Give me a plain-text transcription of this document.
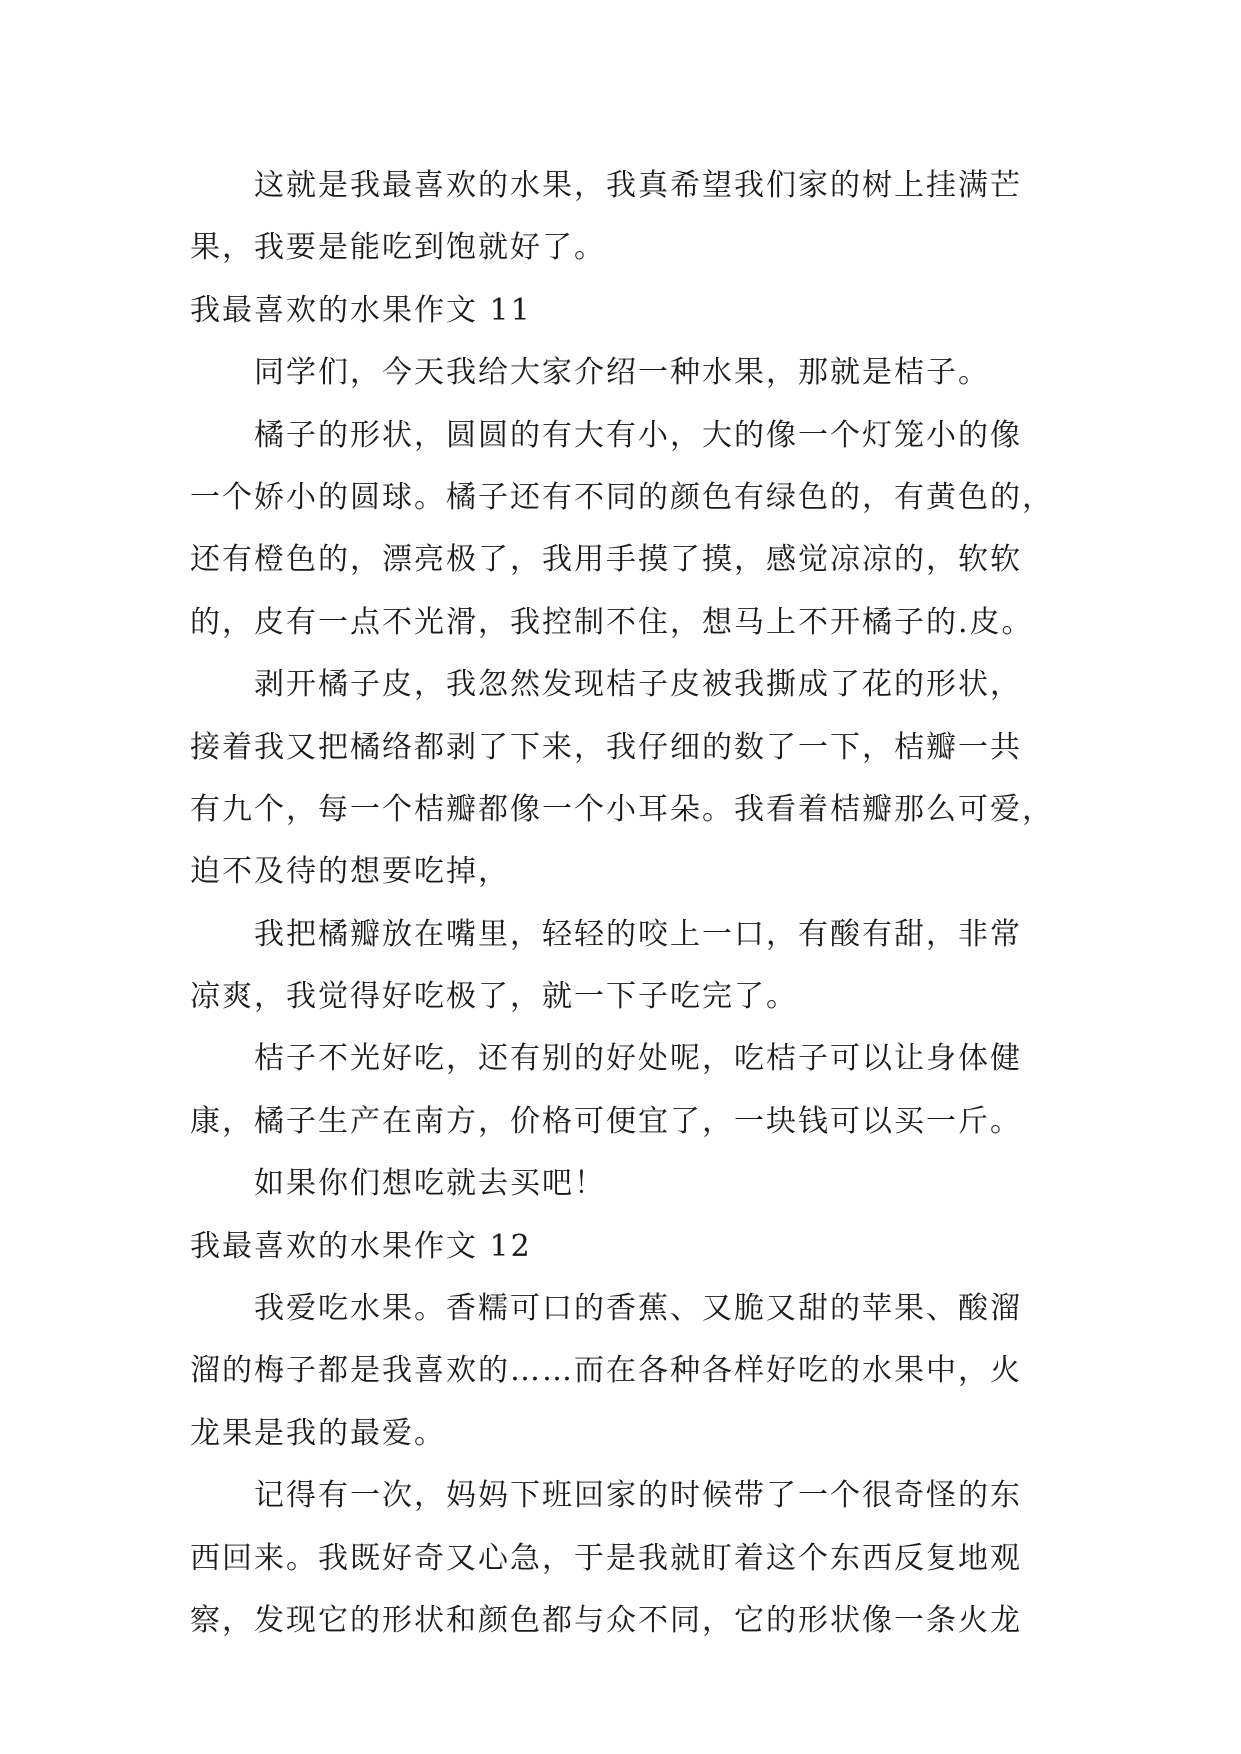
这就是我最喜欢的水果，我真希望我们家的树上挂满芒
果，我要是能吃到饱就好了。
我最喜欢的水果作文 11
同学们，今天我给大家介绍一种水果，那就是桔子。
橘子的形状，圆圆的有大有小，大的像一个灯笼小的像
一个娇小的圆球。橘子还有不同的颜色有绿色的，有黄色的，
还有橙色的，漂亮极了，我用手摸了摸，感觉凉凉的，软软
的，皮有一点不光滑，我控制不住，想马上不开橘子的.皮。
剥开橘子皮，我忽然发现桔子皮被我撕成了花的形状，
接着我又把橘络都剥了下来，我仔细的数了一下，桔瓣一共
有九个，每一个桔瓣都像一个小耳朵。我看着桔瓣那么可爱，
迫不及待的想要吃掉，
我把橘瓣放在嘴里，轻轻的咬上一口，有酸有甜，非常
凉爽，我觉得好吃极了，就一下子吃完了。
桔子不光好吃，还有别的好处呢，吃桔子可以让身体健
康，橘子生产在南方，价格可便宜了，一块钱可以买一斤。
如果你们想吃就去买吧！
我最喜欢的水果作文 12
我爱吃水果。香糯可口的香蕉、又脆又甜的苹果、酸溜
溜的梅子都是我喜欢的……而在各种各样好吃的水果中，火
龙果是我的最爱。
记得有一次，妈妈下班回家的时候带了一个很奇怪的东
西回来。我既好奇又心急，于是我就盯着这个东西反复地观
察，发现它的形状和颜色都与众不同，它的形状像一条火龙
